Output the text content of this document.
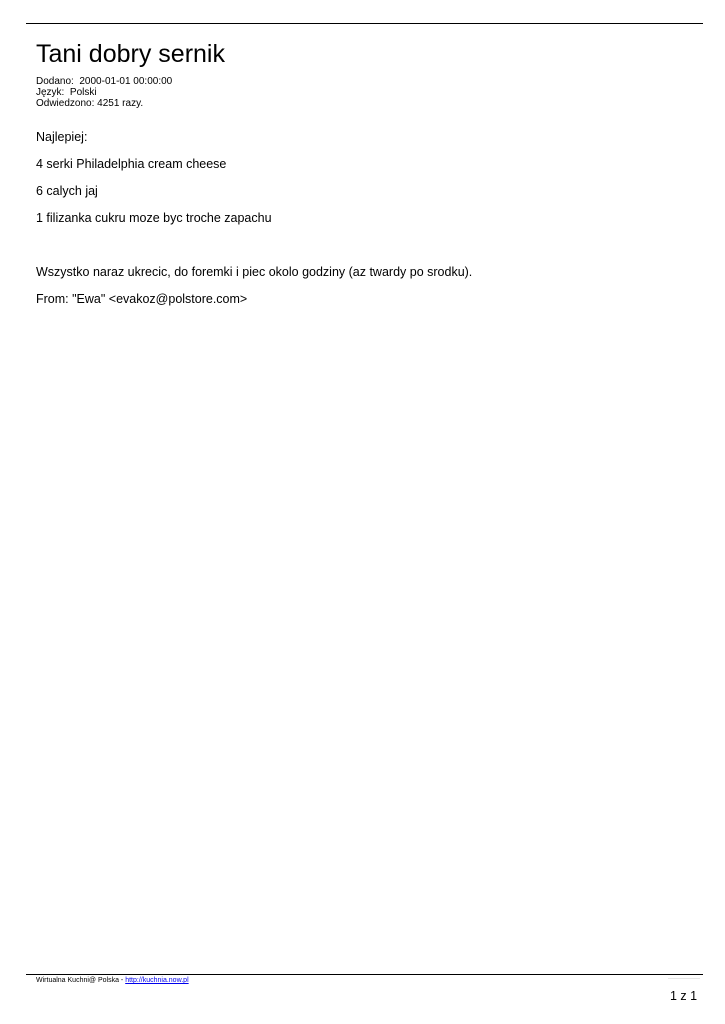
Tani dobry sernik
Dodano: 2000-01-01 00:00:00
Język: Polski
Odwiedzono: 4251 razy.
Najlepiej:
4 serki Philadelphia cream cheese
6 calych jaj
1 filizanka cukru moze byc troche zapachu
Wszystko naraz ukrecic, do foremki i piec okolo godziny (az twardy po srodku).
From: "Ewa" <evakoz@polstore.com>
Wirtualna Kuchni@ Polska - http://kuchnia.now.pl
1 z 1
